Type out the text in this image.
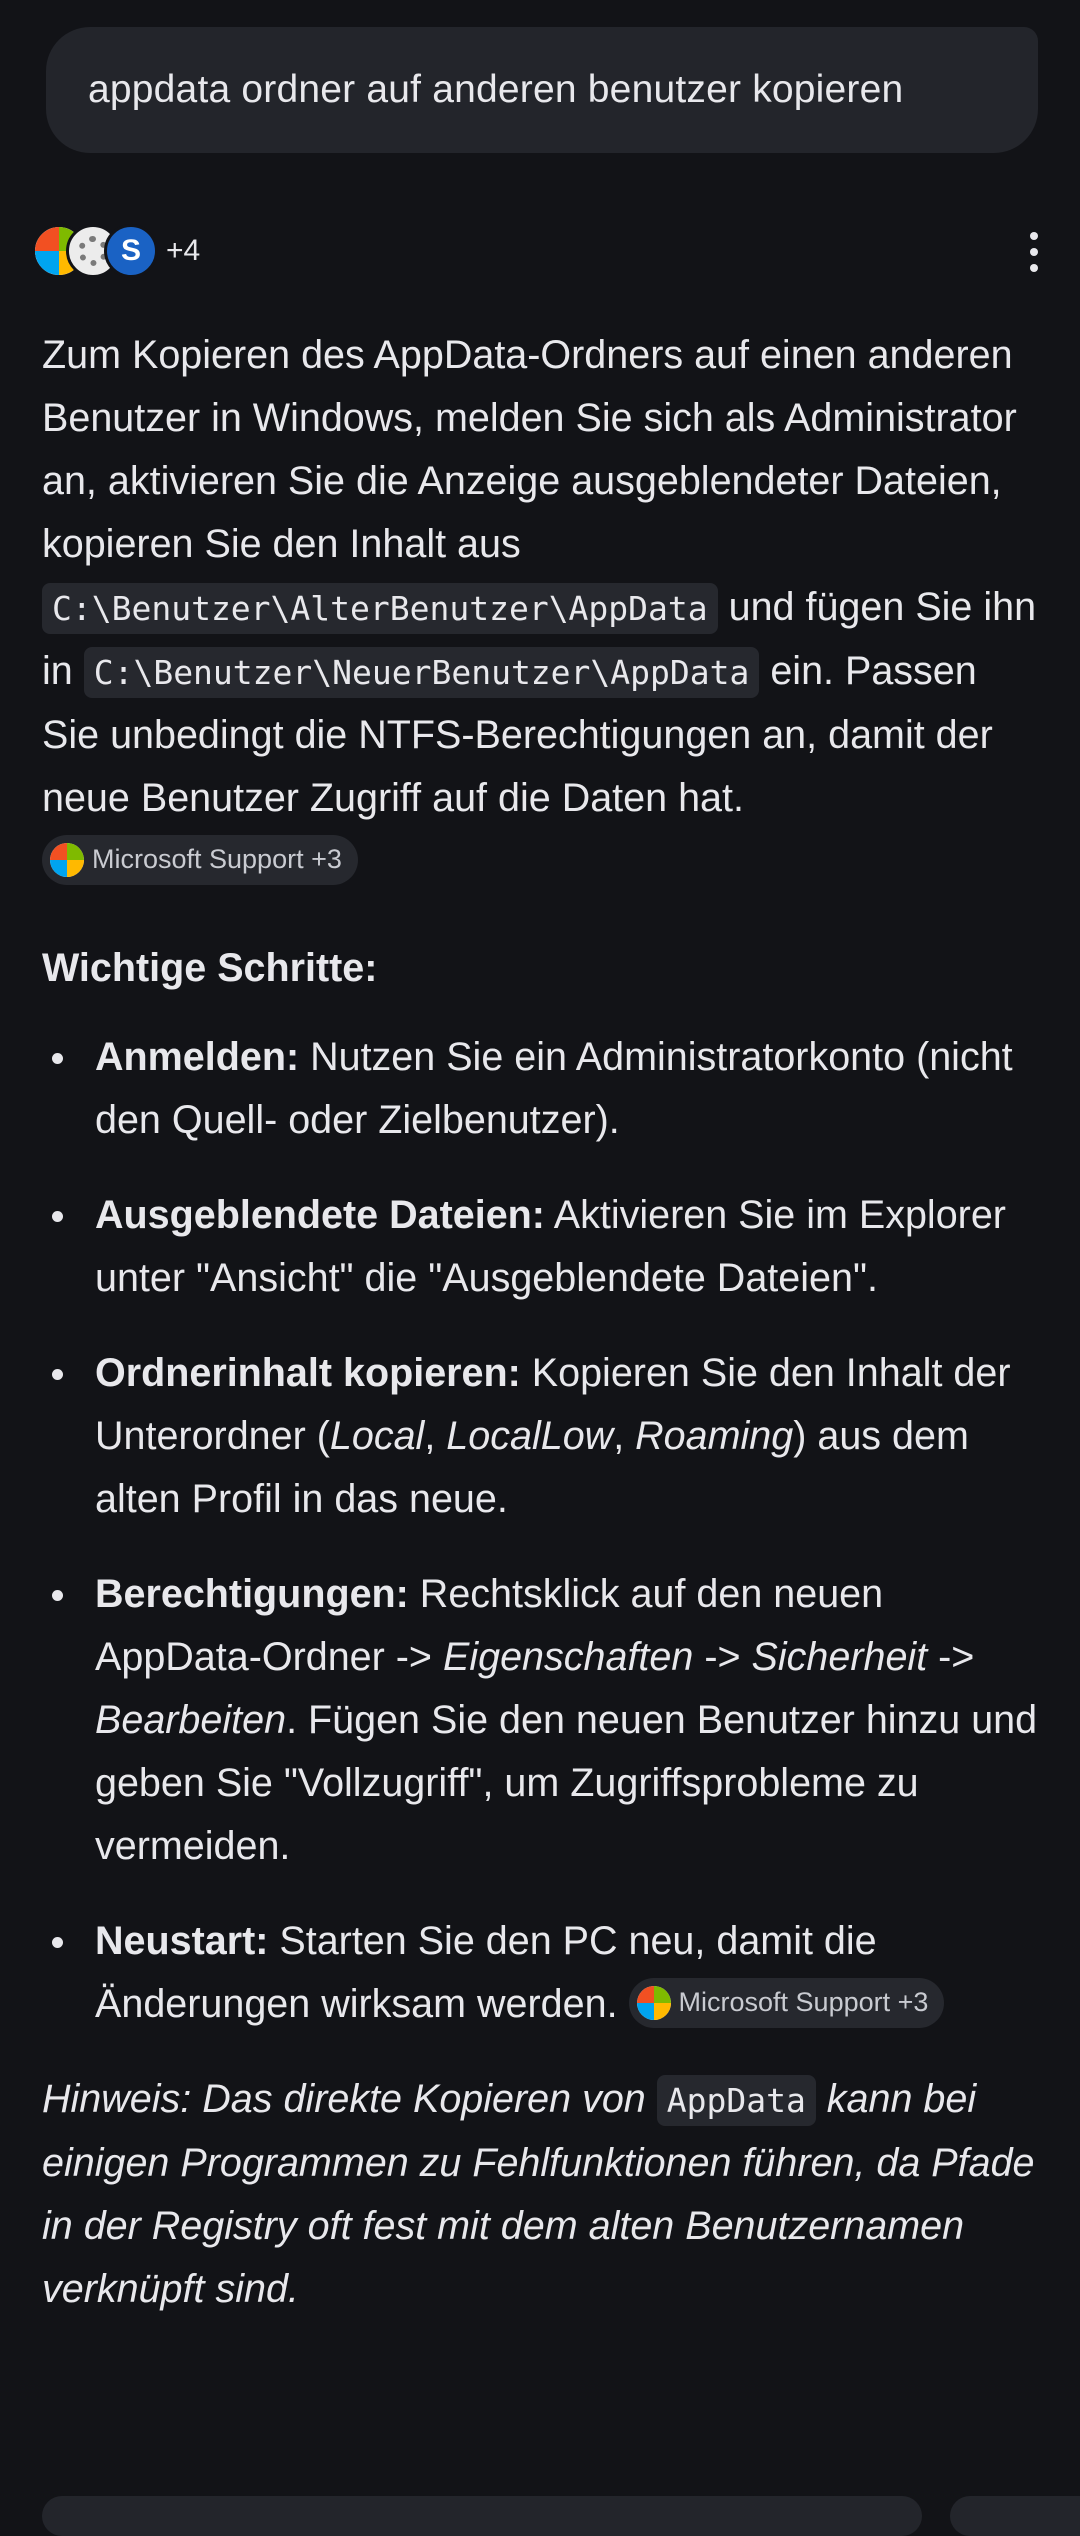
appdata ordner auf anderen benutzer kopieren
S +4

Zum Kopieren des AppData-Ordners auf einen anderen Benutzer in Windows, melden Sie sich als Administrator an, aktivieren Sie die Anzeige ausgeblendeter Dateien, kopieren Sie den Inhalt aus C:\Benutzer\AlterBenutzer\AppData und fügen Sie ihn in C:\Benutzer\NeuerBenutzer\AppData ein. Passen Sie unbedingt die NTFS-Berechtigungen an, damit der neue Benutzer Zugriff auf die Daten hat.
Microsoft Support +3

Wichtige Schritte:
Anmelden: Nutzen Sie ein Administratorkonto (nicht den Quell- oder Zielbenutzer).
Ausgeblendete Dateien: Aktivieren Sie im Explorer unter "Ansicht" die "Ausgeblendete Dateien".
Ordnerinhalt kopieren: Kopieren Sie den Inhalt der Unterordner (Local, LocalLow, Roaming) aus dem alten Profil in das neue.
Berechtigungen: Rechtsklick auf den neuen AppData-Ordner -> Eigenschaften -> Sicherheit -> Bearbeiten. Fügen Sie den neuen Benutzer hinzu und geben Sie "Vollzugriff", um Zugriffsprobleme zu vermeiden.
Neustart: Starten Sie den PC neu, damit die Änderungen wirksam werden. Microsoft Support +3

Hinweis: Das direkte Kopieren von AppData kann bei einigen Programmen zu Fehlfunktionen führen, da Pfade in der Registry oft fest mit dem alten Benutzernamen verknüpft sind.
